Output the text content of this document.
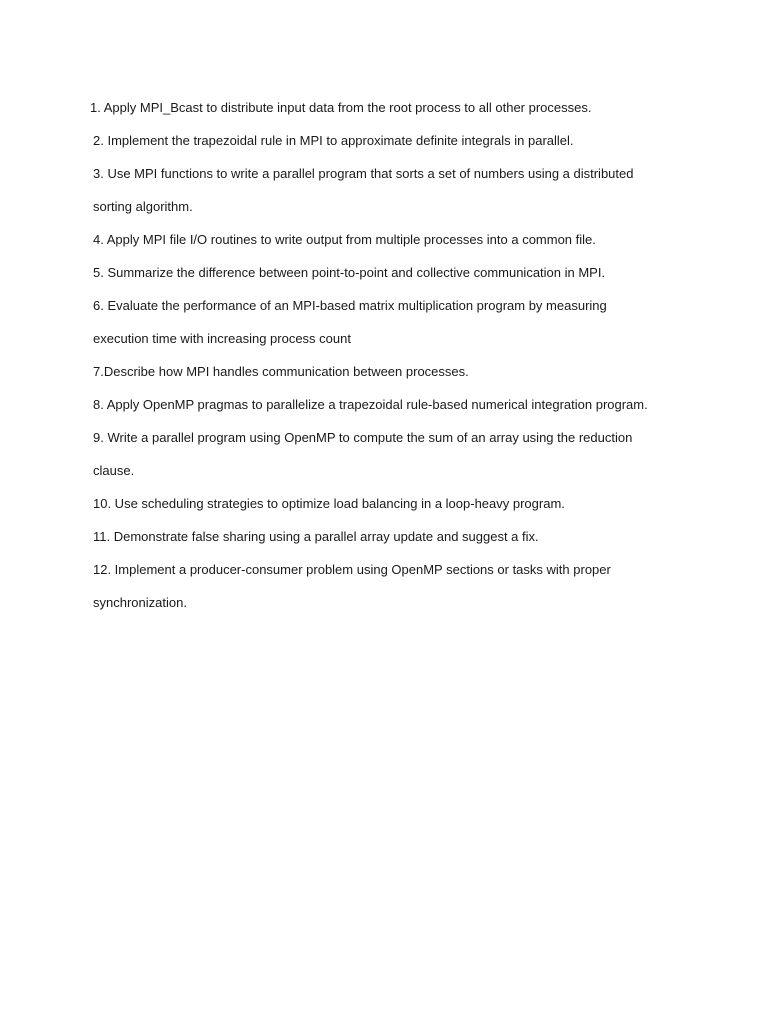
1. Apply MPI_Bcast to distribute input data from the root process to all other processes.
2. Implement the trapezoidal rule in MPI to approximate definite integrals in parallel.
3. Use MPI functions to write a parallel program that sorts a set of numbers using a distributed sorting algorithm.
4. Apply MPI file I/O routines to write output from multiple processes into a common file.
5. Summarize the difference between point-to-point and collective communication in MPI.
6. Evaluate the performance of an MPI-based matrix multiplication program by measuring execution time with increasing process count
7.Describe how MPI handles communication between processes.
8. Apply OpenMP pragmas to parallelize a trapezoidal rule-based numerical integration program.
9. Write a parallel program using OpenMP to compute the sum of an array using the reduction clause.
10. Use scheduling strategies to optimize load balancing in a loop-heavy program.
11. Demonstrate false sharing using a parallel array update and suggest a fix.
12. Implement a producer-consumer problem using OpenMP sections or tasks with proper synchronization.
